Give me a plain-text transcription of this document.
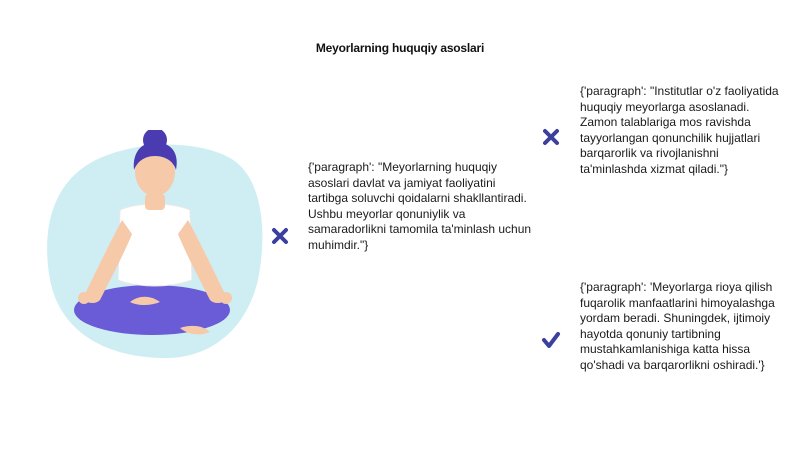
Meyorlarning huquqiy asoslari
{'paragraph': "Meyorlarning huquqiy asoslari davlat va jamiyat faoliyatini tartibga soluvchi qoidalarni shakllantiradi. Ushbu meyorlar qonuniylik va samaradorlikni tamomila ta'minlash uchun muhimdir."}
{'paragraph': "Institutlar o'z faoliyatida huquqiy meyorlarga asoslanadi. Zamon talablariga mos ravishda tayyorlangan qonunchilik hujjatlari barqarorlik va rivojlanishni ta'minlashda xizmat qiladi."}
{'paragraph': 'Meyorlarga rioya qilish fuqarolik manfaatlarini himoyalashga yordam beradi. Shuningdek, ijtimoiy hayotda qonuniy tartibning mustahkamlanishiga katta hissa qo'shadi va barqarorlikni oshiradi.'}
